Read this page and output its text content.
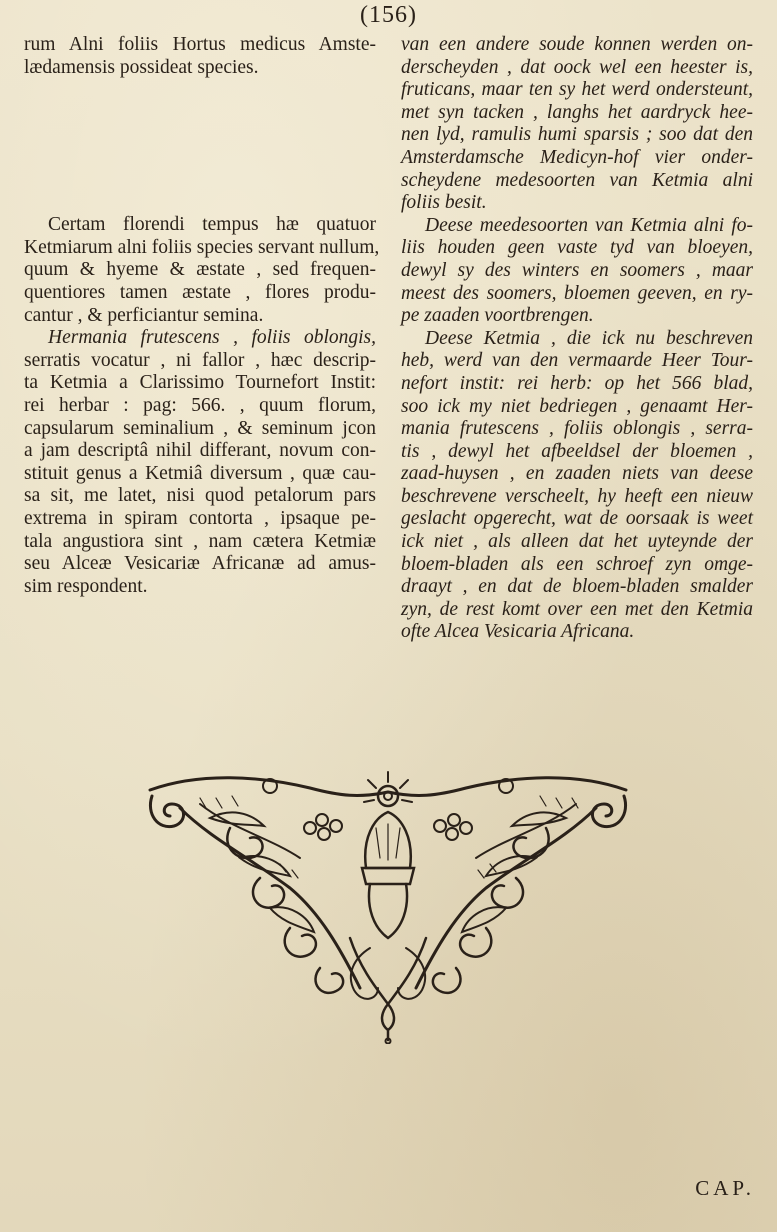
(156)
rum Alni foliis Hortus medicus Amste-
lædamensis possideat species.
Certam florendi tempus hæ quatuor
Ketmiarum alni foliis species servant nullum,
quum & hyeme & æstate , sed frequen-
quentiores tamen æstate , flores produ-
cantur , & perficiantur semina.
Hermania frutescens , foliis oblongis,
serratis vocatur , ni fallor , hæc descrip-
ta Ketmia a Clarissimo Tournefort Instit:
rei herbar : pag: 566. , quum florum,
capsularum seminalium , & seminum jcon
a jam descriptâ nihil differant, novum con-
stituit genus a Ketmiâ diversum , quæ cau-
sa sit, me latet, nisi quod petalorum pars
extrema in spiram contorta , ipsaque pe-
tala angustiora sint , nam cætera Ketmiæ
seu Alceæ Vesicariæ Africanæ ad amus-
sim respondent.
van een andere soude konnen werden on-
derscheyden , dat oock wel een heester is,
fruticans, maar ten sy het werd ondersteunt,
met syn tacken , langhs het aardryck hee-
nen lyd, ramulis humi sparsis ; soo dat den
Amsterdamsche Medicyn-hof vier onder-
scheydene medesoorten van Ketmia alni
foliis besit.
Deese meedesoorten van Ketmia alni fo-
liis houden geen vaste tyd van bloeyen,
dewyl sy des winters en soomers , maar
meest des soomers, bloemen geeven, en ry-
pe zaaden voortbrengen.
Deese Ketmia , die ick nu beschreven
heb, werd van den vermaarde Heer Tour-
nefort instit: rei herb: op het 566 blad,
soo ick my niet bedriegen , genaamt Her-
mania frutescens , foliis oblongis , serra-
tis , dewyl het afbeeldsel der bloemen ,
zaad-huysen , en zaaden niets van deese
beschrevene verscheelt, hy heeft een nieuw
geslacht opgerecht, wat de oorsaak is weet
ick niet , als alleen dat het uyteynde der
bloem-bladen als een schroef zyn omge-
draayt , en dat de bloem-bladen smalder
zyn, de rest komt over een met den Ketmia
ofte Alcea Vesicaria Africana.
CAP.
